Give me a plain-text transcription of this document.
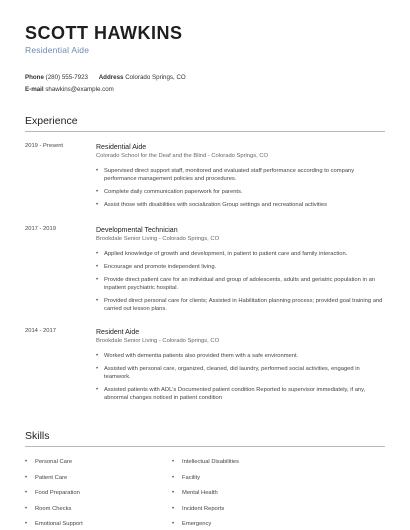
SCOTT HAWKINS
Residential Aide
Phone (280) 555-7923 Address Colorado Springs, CO
E-mail shawkins@example.com
Experience
2019 - Present	Residential Aide
Colorado School for the Deaf and the Blind - Colorado Springs, CO
• Supervised direct support staff, monitored and evaluated staff performance according to company performance management policies and procedures.
• Complete daily communication paperwork for parents.
• Assist those with disabilities with socialization Group settings and recreational activities
2017 - 2019	Developmental Technician
Brookdale Senior Living - Colorado Springs, CO
• Applied knowledge of growth and development, in patient to patient care and family interaction.
• Encourage and promote independent living.
• Provide direct patient care for an individual and group of adolescents, adults and geriatric population in an inpatient psychiatric hospital.
• Provided direct personal care for clients; Assisted in Habilitation planning process; provided goal training and carried out lesson plans.
2014 - 2017	Resident Aide
Brookdale Senior Living - Colorado Springs, CO
• Worked with dementia patients also provided them with a safe environment.
• Assisted with personal care, organized, cleaned, did laundry, performed social activities, engaged in teamwork.
• Assisted patients with ADL's Documented patient condition Reported to supervisor immediately, if any, abnormal changes noticed in patient condition
Skills
• Personal Care
• Patient Care
• Food Preparation
• Room Checks
• Emotional Support
• Intellectual Disabilities
• Facility
• Mental Health
• Incident Reports
• Emergency
